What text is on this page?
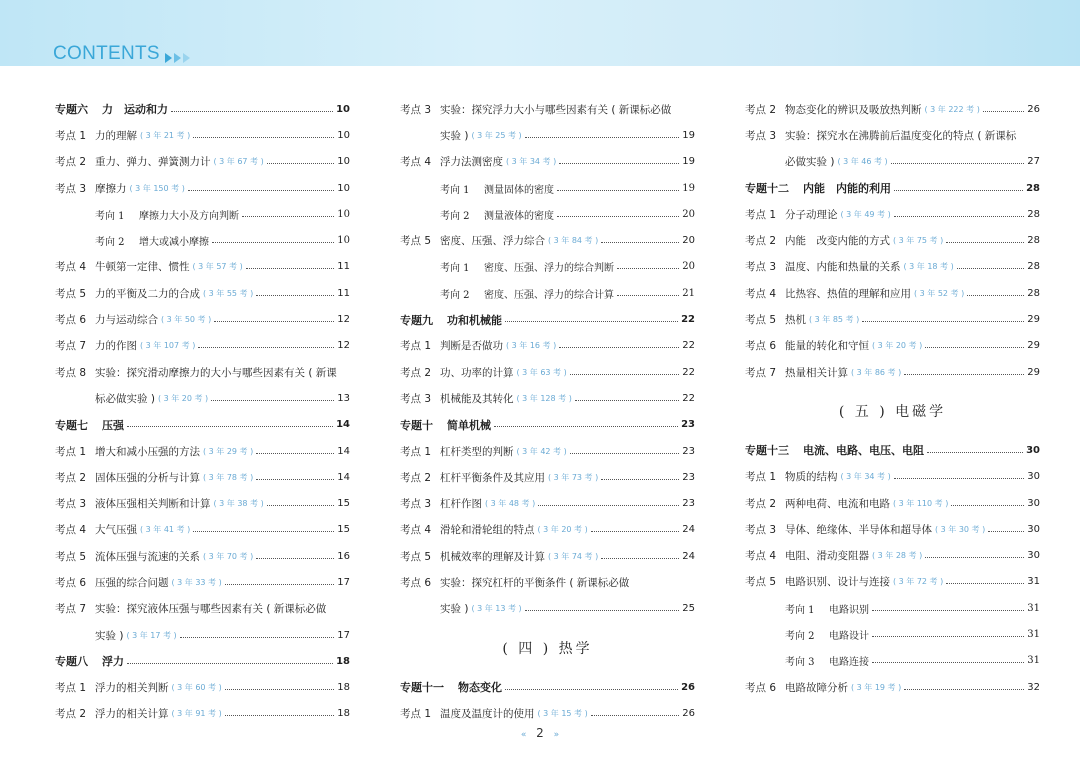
CONTENTS
专题六 力　运动和力	10
考点 1 力的理解 ( 3 年 21 考 )	10
考点 2 重力、弹力、弹簧测力计 ( 3 年 67 考 )	10
考点 3 摩擦力 ( 3 年 150 考 )	10
考向 1	摩擦力大小及方向判断	10
考向 2	增大或减小摩擦	10
考点 4 牛顿第一定律、惯性 ( 3 年 57 考 )	11
考点 5 力的平衡及二力的合成 ( 3 年 55 考 )	11
考点 6 力与运动综合 ( 3 年 50 考 )	12
考点 7 力的作图 ( 3 年 107 考 )	12
考点 8 实验：探究滑动摩擦力的大小与哪些因素有关 ( 新课
标必做实验 ) ( 3 年 20 考 )	13
专题七 压强	14
考点 1 增大和减小压强的方法 ( 3 年 29 考 )	14
考点 2 固体压强的分析与计算 ( 3 年 78 考 )	14
考点 3 液体压强相关判断和计算 ( 3 年 38 考 )	15
考点 4 大气压强 ( 3 年 41 考 )	15
考点 5 流体压强与流速的关系 ( 3 年 70 考 )	16
考点 6 压强的综合问题 ( 3 年 33 考 )	17
考点 7 实验：探究液体压强与哪些因素有关 ( 新课标必做
实验 ) ( 3 年 17 考 )	17
专题八 浮力	18
考点 1 浮力的相关判断 ( 3 年 60 考 )	18
考点 2 浮力的相关计算 ( 3 年 91 考 )	18
考点 3 实验：探究浮力大小与哪些因素有关 ( 新课标必做
实验 ) ( 3 年 25 考 )	19
考点 4 浮力法测密度 ( 3 年 34 考 )	19
考向 1	测量固体的密度	19
考向 2	测量液体的密度	20
考点 5 密度、压强、浮力综合 ( 3 年 84 考 )	20
考向 1	密度、压强、浮力的综合判断	20
考向 2	密度、压强、浮力的综合计算	21
专题九 功和机械能	22
考点 1 判断是否做功 ( 3 年 16 考 )	22
考点 2 功、功率的计算 ( 3 年 63 考 )	22
考点 3 机械能及其转化 ( 3 年 128 考 )	22
专题十 简单机械	23
考点 1 杠杆类型的判断 ( 3 年 42 考 )	23
考点 2 杠杆平衡条件及其应用 ( 3 年 73 考 )	23
考点 3 杠杆作图 ( 3 年 48 考 )	23
考点 4 滑轮和滑轮组的特点 ( 3 年 20 考 )	24
考点 5 机械效率的理解及计算 ( 3 年 74 考 )	24
考点 6 实验：探究杠杆的平衡条件 ( 新课标必做
实验 ) ( 3 年 13 考 )	25
( 四 ) 热学
专题十一 物态变化	26
考点 1 温度及温度计的使用 ( 3 年 15 考 )	26
考点 2 物态变化的辨识及吸放热判断 ( 3 年 222 考 )	26
考点 3 实验：探究水在沸腾前后温度变化的特点 ( 新课标
必做实验 ) ( 3 年 46 考 )	27
专题十二 内能　内能的利用	28
考点 1 分子动理论 ( 3 年 49 考 )	28
考点 2 内能　改变内能的方式 ( 3 年 75 考 )	28
考点 3 温度、内能和热量的关系 ( 3 年 18 考 )	28
考点 4 比热容、热值的理解和应用 ( 3 年 52 考 )	28
考点 5 热机 ( 3 年 85 考 )	29
考点 6 能量的转化和守恒 ( 3 年 20 考 )	29
考点 7 热量相关计算 ( 3 年 86 考 )	29
( 五 ) 电磁学
专题十三 电流、电路、电压、电阻	30
考点 1 物质的结构 ( 3 年 34 考 )	30
考点 2 两种电荷、电流和电路 ( 3 年 110 考 )	30
考点 3 导体、绝缘体、半导体和超导体 ( 3 年 30 考 )	30
考点 4 电阻、滑动变阻器 ( 3 年 28 考 )	30
考点 5 电路识别、设计与连接 ( 3 年 72 考 )	31
考向 1	电路识别	31
考向 2	电路设计	31
考向 3	电路连接	31
考点 6 电路故障分析 ( 3 年 19 考 )	32
« 2 »
